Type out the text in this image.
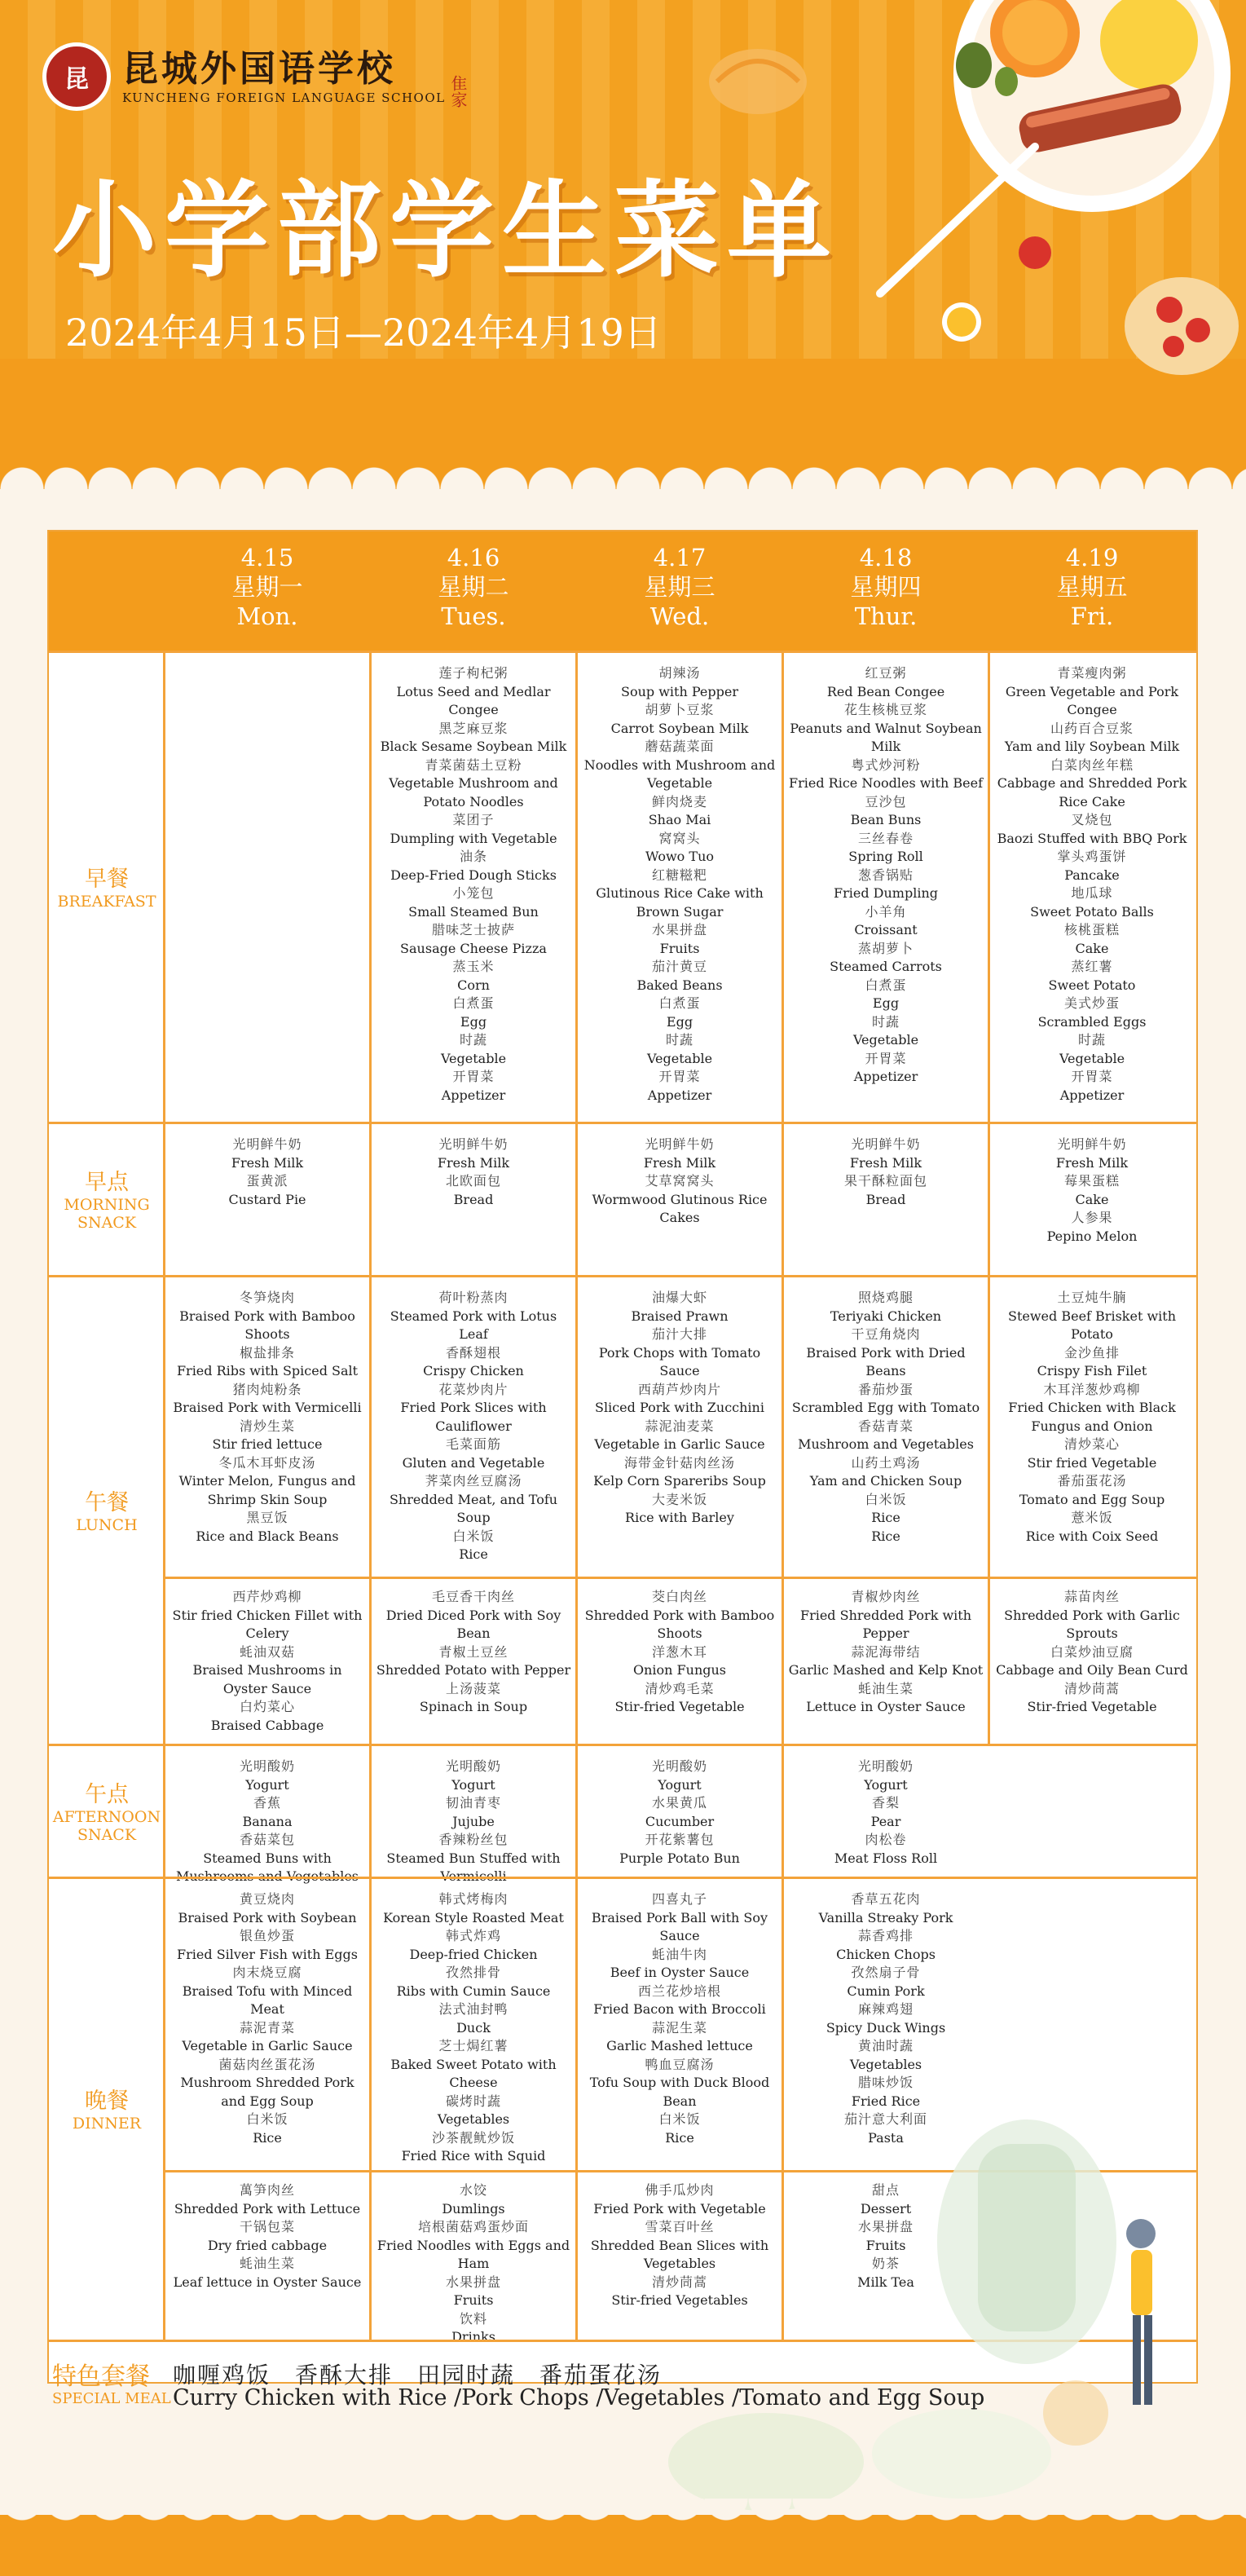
昆 昆城外国语学校
KUNCHENG FOREIGN LANGUAGE SCHOOL 隹家
小学部学生菜单
2024年4月15日—2024年4月19日
4.15
星期一
Mon.
4.16
星期二
Tues.
4.17
星期三
Wed.
4.18
星期四
Thur.
4.19
星期五
Fri.
早餐
BREAKFAST
莲子枸杞粥
Lotus Seed and Medlar Congee
黑芝麻豆浆
Black Sesame Soybean Milk
青菜菌菇土豆粉
Vegetable Mushroom and Potato Noodles
菜团子
Dumpling with Vegetable
油条
Deep-Fried Dough Sticks
小笼包
Small Steamed Bun
腊味芝士披萨
Sausage Cheese Pizza
蒸玉米
Corn
白煮蛋
Egg
时蔬
Vegetable
开胃菜
Appetizer
胡辣汤
Soup with Pepper
胡萝卜豆浆
Carrot Soybean Milk
蘑菇蔬菜面
Noodles with Mushroom and Vegetable
鲜肉烧麦
Shao Mai
窝窝头
Wowo Tuo
红糖糍粑
Glutinous Rice Cake with Brown Sugar
水果拼盘
Fruits
茄汁黄豆
Baked Beans
白煮蛋
Egg
时蔬
Vegetable
开胃菜
Appetizer
红豆粥
Red Bean Congee
花生核桃豆浆
Peanuts and Walnut Soybean Milk
粤式炒河粉
Fried Rice Noodles with Beef
豆沙包
Bean Buns
三丝春卷
Spring Roll
葱香锅贴
Fried Dumpling
小羊角
Croissant
蒸胡萝卜
Steamed Carrots
白煮蛋
Egg
时蔬
Vegetable
开胃菜
Appetizer
青菜瘦肉粥
Green Vegetable and Pork Congee
山药百合豆浆
Yam and lily Soybean Milk
白菜肉丝年糕
Cabbage and Shredded Pork Rice Cake
叉烧包
Baozi Stuffed with BBQ Pork
掌头鸡蛋饼
Pancake
地瓜球
Sweet Potato Balls
核桃蛋糕
Cake
蒸红薯
Sweet Potato
美式炒蛋
Scrambled Eggs
时蔬
Vegetable
开胃菜
Appetizer
早点
MORNING SNACK
光明鲜牛奶
Fresh Milk
蛋黄派
Custard Pie
光明鲜牛奶
Fresh Milk
北欧面包
Bread
光明鲜牛奶
Fresh Milk
艾草窝窝头
Wormwood Glutinous Rice Cakes
光明鲜牛奶
Fresh Milk
果干酥粒面包
Bread
光明鲜牛奶
Fresh Milk
莓果蛋糕
Cake
人参果
Pepino Melon
午餐
LUNCH
冬笋烧肉
Braised Pork with Bamboo Shoots
椒盐排条
Fried Ribs with Spiced Salt
猪肉炖粉条
Braised Pork with Vermicelli
清炒生菜
Stir fried lettuce
冬瓜木耳虾皮汤
Winter Melon, Fungus and Shrimp Skin Soup
黑豆饭
Rice and Black Beans
荷叶粉蒸肉
Steamed Pork with Lotus Leaf
香酥翅根
Crispy Chicken
花菜炒肉片
Fried Pork Slices with Cauliflower
毛菜面筋
Gluten and Vegetable
荠菜肉丝豆腐汤
Shredded Meat, and Tofu Soup
白米饭
Rice
油爆大虾
Braised Prawn
茄汁大排
Pork Chops with Tomato Sauce
西葫芦炒肉片
Sliced Pork with Zucchini
蒜泥油麦菜
Vegetable in Garlic Sauce
海带金针菇肉丝汤
Kelp Corn Spareribs Soup
大麦米饭
Rice with Barley
照烧鸡腿
Teriyaki Chicken
干豆角烧肉
Braised Pork with Dried Beans
番茄炒蛋
Scrambled Egg with Tomato
香菇青菜
Mushroom and Vegetables
山药土鸡汤
Yam and Chicken Soup
白米饭
Rice
Rice
土豆炖牛腩
Stewed Beef Brisket with Potato
金沙鱼排
Crispy Fish Filet
木耳洋葱炒鸡柳
Fried Chicken with Black Fungus and Onion
清炒菜心
Stir fried Vegetable
番茄蛋花汤
Tomato and Egg Soup
薏米饭
Rice with Coix Seed
西芹炒鸡柳
Stir fried Chicken Fillet with Celery
蚝油双菇
Braised Mushrooms in Oyster Sauce
白灼菜心
Braised Cabbage
毛豆香干肉丝
Dried Diced Pork with Soy Bean
青椒土豆丝
Shredded Potato with Pepper
上汤菠菜
Spinach in Soup
茭白肉丝
Shredded Pork with Bamboo Shoots
洋葱木耳
Onion Fungus
清炒鸡毛菜
Stir-fried Vegetable
青椒炒肉丝
Fried Shredded Pork with Pepper
蒜泥海带结
Garlic Mashed and Kelp Knot
蚝油生菜
Lettuce in Oyster Sauce
蒜苗肉丝
Shredded Pork with Garlic Sprouts
白菜炒油豆腐
Cabbage and Oily Bean Curd
清炒茼蒿
Stir-fried Vegetable
午点
AFTERNOON SNACK
光明酸奶
Yogurt
香蕉
Banana
香菇菜包
Steamed Buns with Mushrooms and Vegetables
光明酸奶
Yogurt
韧油青枣
Jujube
香辣粉丝包
Steamed Bun Stuffed with Vermicelli
光明酸奶
Yogurt
水果黄瓜
Cucumber
开花紫薯包
Purple Potato Bun
光明酸奶
Yogurt
香梨
Pear
肉松卷
Meat Floss Roll
晚餐
DINNER
黄豆烧肉
Braised Pork with Soybean
银鱼炒蛋
Fried Silver Fish with Eggs
肉末烧豆腐
Braised Tofu with Minced Meat
蒜泥青菜
Vegetable in Garlic Sauce
菌菇肉丝蛋花汤
Mushroom Shredded Pork and Egg Soup
白米饭
Rice
韩式烤梅肉
Korean Style Roasted Meat
韩式炸鸡
Deep-fried Chicken
孜然排骨
Ribs with Cumin Sauce
法式油封鸭
Duck
芝士焗红薯
Baked Sweet Potato with Cheese
碳烤时蔬
Vegetables
沙茶靓鱿炒饭
Fried Rice with Squid
四喜丸子
Braised Pork Ball with Soy Sauce
蚝油牛肉
Beef in Oyster Sauce
西兰花炒培根
Fried Bacon with Broccoli
蒜泥生菜
Garlic Mashed lettuce
鸭血豆腐汤
Tofu Soup with Duck Blood Bean
白米饭
Rice
香草五花肉
Vanilla Streaky Pork
蒜香鸡排
Chicken Chops
孜然扇子骨
Cumin Pork
麻辣鸡翅
Spicy Duck Wings
黄油时蔬
Vegetables
腊味炒饭
Fried Rice
茄汁意大利面
Pasta
萬笋肉丝
Shredded Pork with Lettuce
干锅包菜
Dry fried cabbage
蚝油生菜
Leaf lettuce in Oyster Sauce
水饺
Dumlings
培根菌菇鸡蛋炒面
Fried Noodles with Eggs and Ham
水果拼盘
Fruits
饮料
Drinks
佛手瓜炒肉
Fried Pork with Vegetable
雪菜百叶丝
Shredded Bean Slices with Vegetables
清炒茼蒿
Stir-fried Vegetables
甜点
Dessert
水果拼盘
Fruits
奶茶
Milk Tea
特色套餐 咖喱鸡饭　香酥大排　田园时蔬　番茄蛋花汤
SPECIAL MEAL Curry Chicken with Rice /Pork Chops /Vegetables /Tomato and Egg Soup
